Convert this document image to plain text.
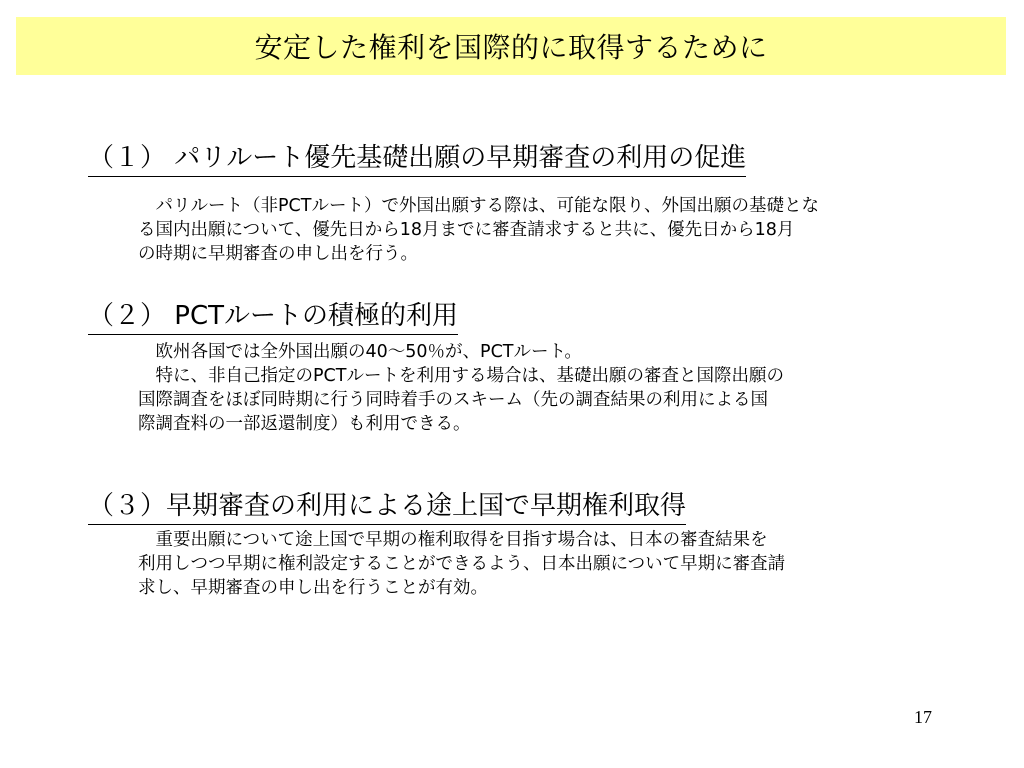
安定した権利を国際的に取得するために
（１） パリルート優先基礎出願の早期審査の利用の促進
　パリルート（非PCTルート）で外国出願する際は、可能な限り、外国出願の基礎とな
る国内出願について、優先日から18月までに審査請求すると共に、優先日から18月
の時期に早期審査の申し出を行う。
（２） PCTルートの積極的利用
　欧州各国では全外国出願の40～50％が、PCTルート。
　特に、非自己指定のPCTルートを利用する場合は、基礎出願の審査と国際出願の
国際調査をほぼ同時期に行う同時着手のスキーム（先の調査結果の利用による国
際調査料の一部返還制度）も利用できる。
（３）早期審査の利用による途上国で早期権利取得
　重要出願について途上国で早期の権利取得を目指す場合は、日本の審査結果を
利用しつつ早期に権利設定することができるよう、日本出願について早期に審査請
求し、早期審査の申し出を行うことが有効。
17
